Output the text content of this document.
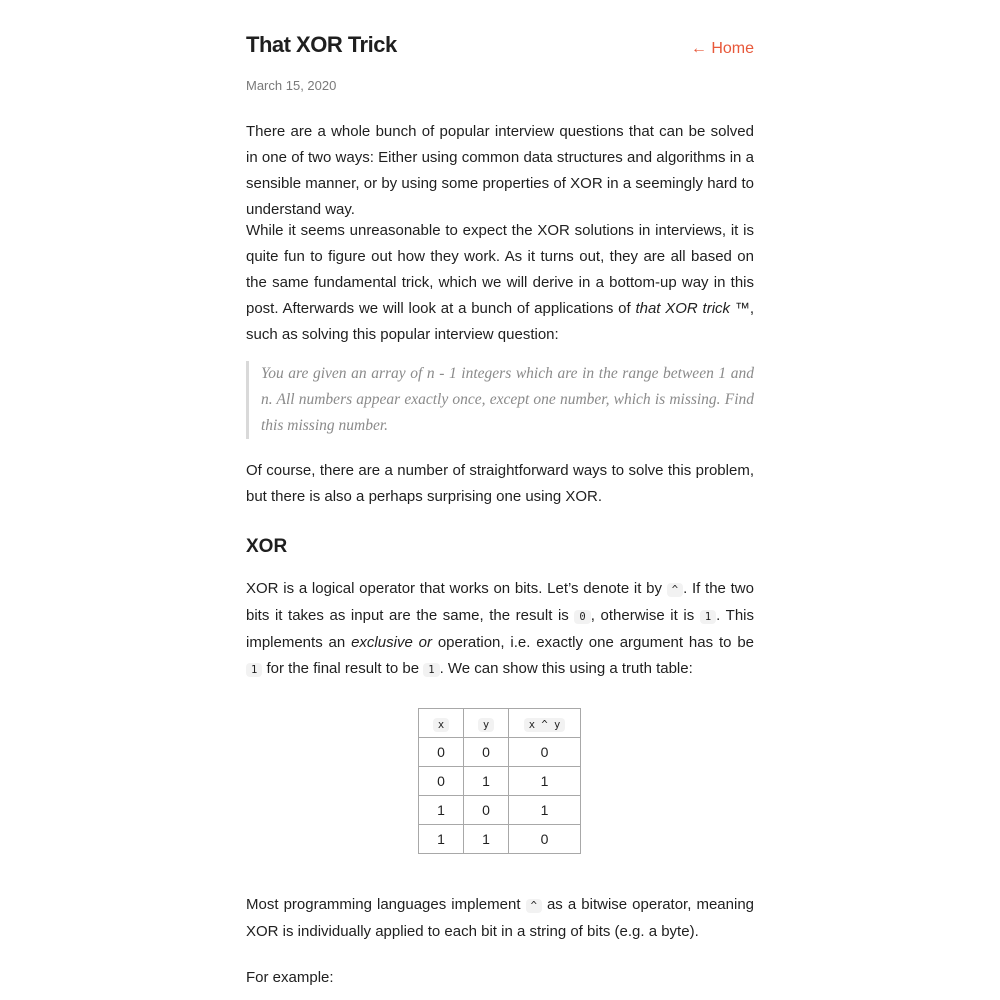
That XOR Trick	← Home
March 15, 2020

There are a whole bunch of popular interview questions that can be solved in one of two ways: Either using common data structures and algorithms in a sensible manner, or by using some properties of XOR in a seemingly hard to understand way.

While it seems unreasonable to expect the XOR solutions in interviews, it is quite fun to figure out how they work. As it turns out, they are all based on the same fundamental trick, which we will derive in a bottom-up way in this post. Afterwards we will look at a bunch of applications of that XOR trick ™, such as solving this popular interview question:

You are given an array of n - 1 integers which are in the range between 1 and n. All numbers appear exactly once, except one number, which is missing. Find this missing number.

Of course, there are a number of straightforward ways to solve this problem, but there is also a perhaps surprising one using XOR.

XOR

XOR is a logical operator that works on bits. Let’s denote it by ^ . If the two bits it takes as input are the same, the result is 0 , otherwise it is 1 . This implements an exclusive or operation, i.e. exactly one argument has to be 1 for the final result to be 1 . We can show this using a truth table:

x	y	x ^ y
0	0	0
0	1	1
1	0	1
1	1	0

Most programming languages implement ^ as a bitwise operator, meaning XOR is individually applied to each bit in a string of bits (e.g. a byte).

For example:
